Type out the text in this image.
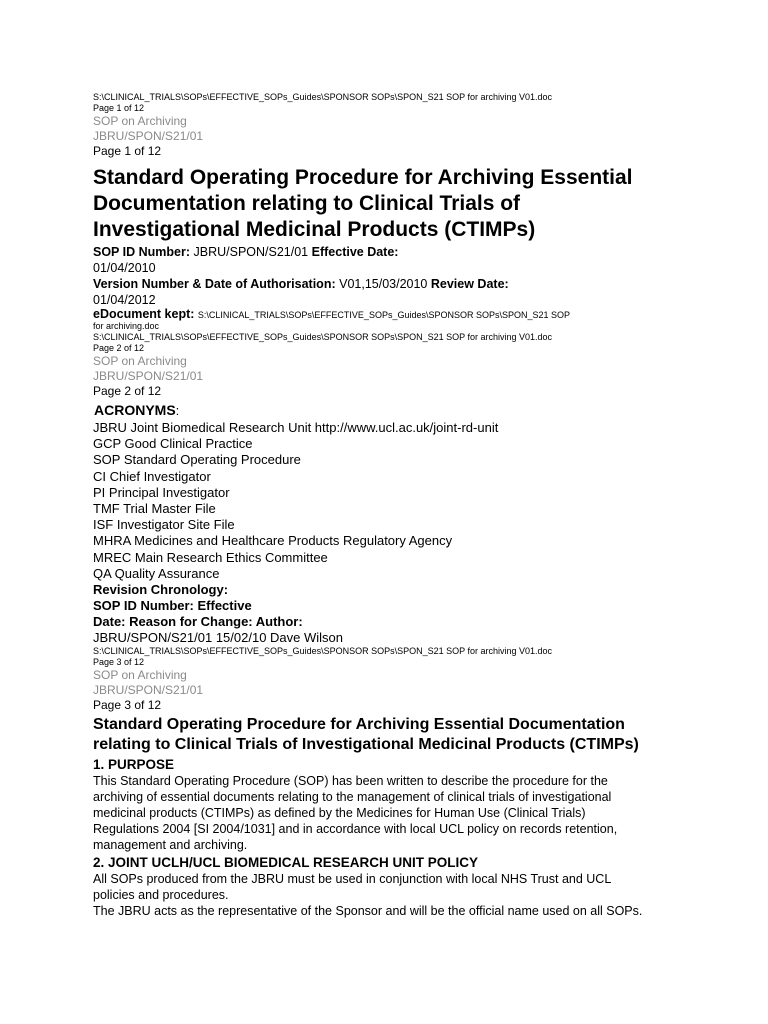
S:\CLINICAL_TRIALS\SOPs\EFFECTIVE_SOPs_Guides\SPONSOR SOPs\SPON_S21 SOP for archiving V01.doc
Page 1 of 12
SOP on Archiving
JBRU/SPON/S21/01
Page 1 of 12
Standard Operating Procedure for Archiving Essential Documentation relating to Clinical Trials of Investigational Medicinal Products (CTIMPs)
SOP ID Number: JBRU/SPON/S21/01 Effective Date:
01/04/2010
Version Number & Date of Authorisation: V01,15/03/2010 Review Date:
01/04/2012
eDocument kept: S:\CLINICAL_TRIALS\SOPs\EFFECTIVE_SOPs_Guides\SPONSOR SOPs\SPON_S21 SOP
for archiving.doc
S:\CLINICAL_TRIALS\SOPs\EFFECTIVE_SOPs_Guides\SPONSOR SOPs\SPON_S21 SOP for archiving V01.doc
Page 2 of 12
SOP on Archiving
JBRU/SPON/S21/01
Page 2 of 12
ACRONYMS:
JBRU Joint Biomedical Research Unit http://www.ucl.ac.uk/joint-rd-unit
GCP Good Clinical Practice
SOP Standard Operating Procedure
CI Chief Investigator
PI Principal Investigator
TMF Trial Master File
ISF Investigator Site File
MHRA Medicines and Healthcare Products Regulatory Agency
MREC Main Research Ethics Committee
QA Quality Assurance
Revision Chronology:
SOP ID Number: Effective
Date: Reason for Change: Author:
JBRU/SPON/S21/01 15/02/10 Dave Wilson
S:\CLINICAL_TRIALS\SOPs\EFFECTIVE_SOPs_Guides\SPONSOR SOPs\SPON_S21 SOP for archiving V01.doc
Page 3 of 12
SOP on Archiving
JBRU/SPON/S21/01
Page 3 of 12
Standard Operating Procedure for Archiving Essential Documentation relating to Clinical Trials of Investigational Medicinal Products (CTIMPs)
1. PURPOSE
This Standard Operating Procedure (SOP) has been written to describe the procedure for the archiving of essential documents relating to the management of clinical trials of investigational medicinal products (CTIMPs) as defined by the Medicines for Human Use (Clinical Trials) Regulations 2004 [SI 2004/1031] and in accordance with local UCL policy on records retention, management and archiving.
2. JOINT UCLH/UCL BIOMEDICAL RESEARCH UNIT POLICY
All SOPs produced from the JBRU must be used in conjunction with local NHS Trust and UCL policies and procedures.
The JBRU acts as the representative of the Sponsor and will be the official name used on all SOPs.
